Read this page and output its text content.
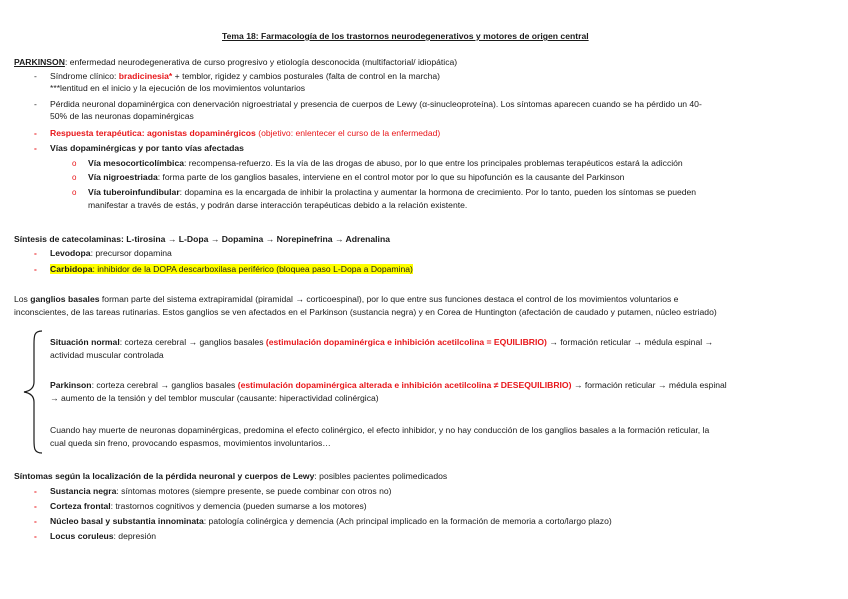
Tema 18: Farmacología de los trastornos neurodegenerativos y motores de origen central
PARKINSON: enfermedad neurodegenerativa de curso progresivo y etiología desconocida (multifactorial/ idiopática)
- Síndrome clínico: bradicinesia* + temblor, rigidez y cambios posturales (falta de control en la marcha)
***lentitud en el inicio y la ejecución de los movimientos voluntarios
- Pérdida neuronal dopaminérgica con denervación nigroestriatal y presencia de cuerpos de Lewy (α-sinucleoproteína). Los síntomas aparecen cuando se ha pérdido un 40-
50% de las neuronas dopaminérgicas
- Respuesta terapéutica: agonistas dopaminérgicos (objetivo: enlentecer el curso de la enfermedad)
- Vías dopaminérgicas y por tanto vías afectadas
o Vía mesocorticolímbica: recompensa-refuerzo. Es la vía de las drogas de abuso, por lo que entre los principales problemas terapéuticos estará la adicción
o Vía nigroestriada: forma parte de los ganglios basales, interviene en el control motor por lo que su hipofunción es la causante del Parkinson
o Vía tuberoinfundibular: dopamina es la encargada de inhibir la prolactina y aumentar la hormona de crecimiento. Por lo tanto, pueden los síntomas se pueden
manifestar a través de estás, y podrán darse interacción terapéuticas debido a la relación existente.
Síntesis de catecolaminas: L-tirosina → L-Dopa → Dopamina → Norepinefrina → Adrenalina
- Levodopa: precursor dopamina
- Carbidopa: inhibidor de la DOPA descarboxilasa periférico (bloquea paso L-Dopa a Dopamina)
Los ganglios basales forman parte del sistema extrapiramidal (piramidal → corticoespinal), por lo que entre sus funciones destaca el control de los movimientos voluntarios e
inconscientes, de las tareas rutinarias. Estos ganglios se ven afectados en el Parkinson (sustancia negra) y en Corea de Huntington (afectación de caudado y putamen, núcleo estriado)
Situación normal: corteza cerebral → ganglios basales (estimulación dopaminérgica e inhibición acetilcolina = EQUILIBRIO) → formación reticular → médula espinal →
actividad muscular controlada
Parkinson: corteza cerebral → ganglios basales (estimulación dopaminérgica alterada e inhibición acetilcolina ≠ DESEQUILIBRIO) → formación reticular → médula espinal
→ aumento de la tensión y del temblor muscular (causante: hiperactividad colinérgica)
Cuando hay muerte de neuronas dopaminérgicas, predomina el efecto colinérgico, el efecto inhibidor, y no hay conducción de los ganglios basales a la formación reticular, la
cual queda sin freno, provocando espasmos, movimientos involuntarios…
Síntomas según la localización de la pérdida neuronal y cuerpos de Lewy: posibles pacientes polimedicados
- Sustancia negra: síntomas motores (siempre presente, se puede combinar con otros no)
- Corteza frontal: trastornos cognitivos y demencia (pueden sumarse a los motores)
- Núcleo basal y substantia innominata: patología colinérgica y demencia (Ach principal implicado en la formación de memoria a corto/largo plazo)
- Locus coruleus: depresión
